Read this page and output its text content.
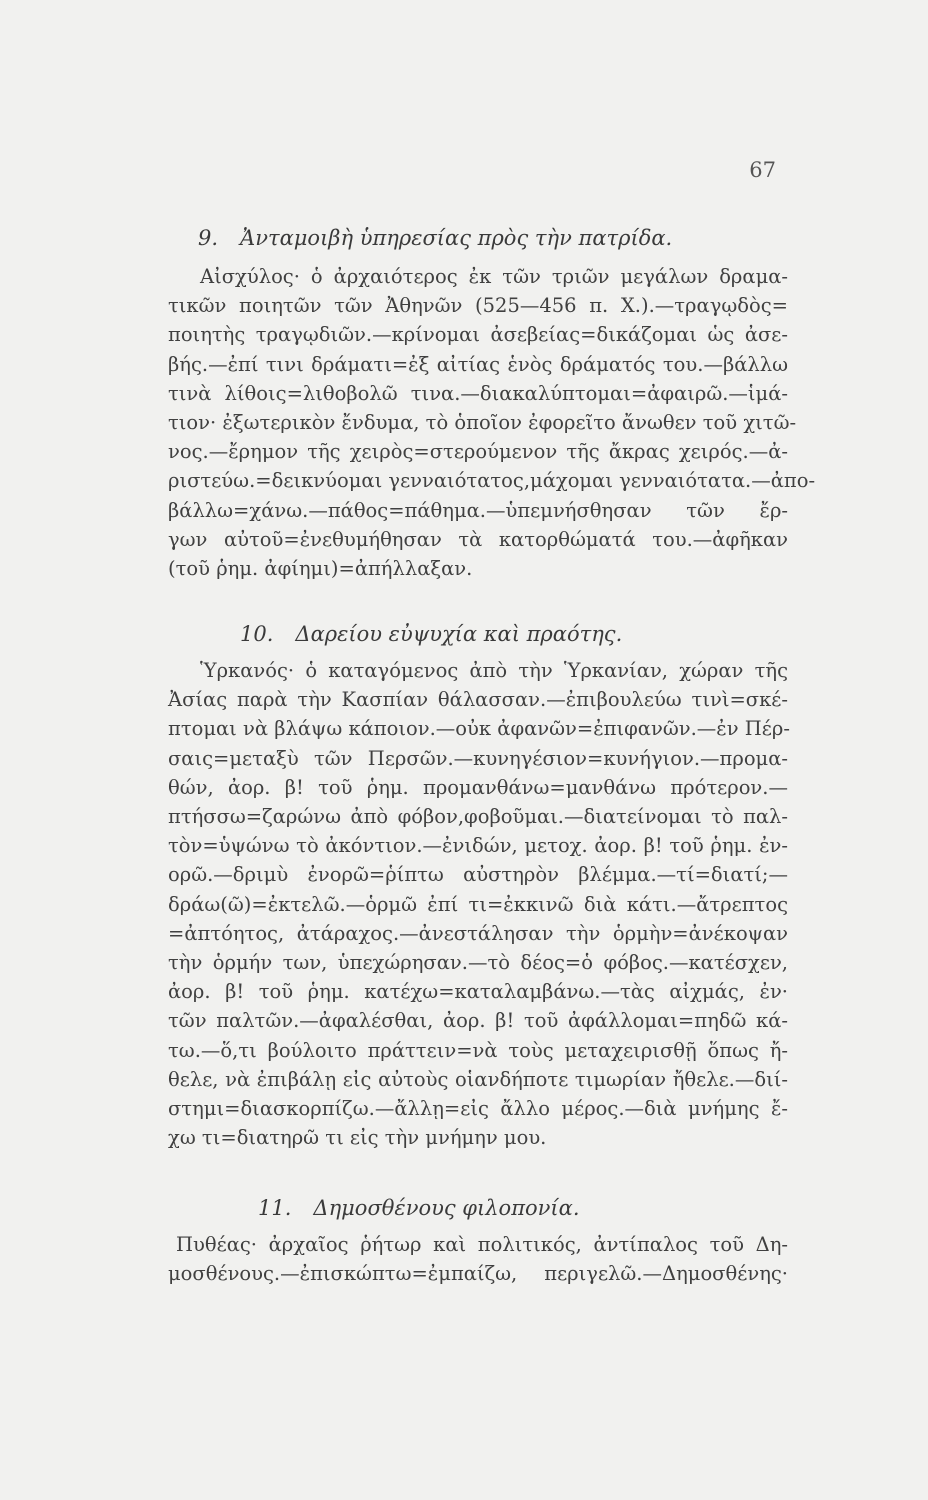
67
9. Ἀνταμοιβὴ ὑπηρεσίας πρὸς τὴν πατρίδα.
Αἰσχύλος· ὁ ἀρχαιότερος ἐκ τῶν τριῶν μεγάλων δραμα-
τικῶν ποιητῶν τῶν Ἀθηνῶν (525—456 π. Χ.).—τραγῳδὸς=
ποιητὴς τραγῳδιῶν.—κρίνομαι ἀσεβείας=δικάζομαι ὡς ἀσε-
βής.—ἐπί τινι δράματι=ἐξ αἰτίας ἑνὸς δράματός του.—βάλλω
τινὰ λίθοις=λιθοβολῶ τινα.—διακαλύπτομαι=ἀφαιρῶ.—ἱμά-
τιον· ἐξωτερικὸν ἔνδυμα, τὸ ὁποῖον ἐφορεῖτο ἄνωθεν τοῦ χιτῶ-
νος.—ἔρημον τῆς χειρὸς=στερούμενον τῆς ἄκρας χειρός.—ἀ-
ριστεύω.=δεικνύομαι γενναιότατος,μάχομαι γενναιότατα.—ἀπο-
βάλλω=χάνω.—πάθος=πάθημα.—ὑπεμνήσθησαν τῶν ἔρ-
γων αὐτοῦ=ἐνεθυμήθησαν τὰ κατορθώματά του.—ἀφῆκαν
(τοῦ ῥημ. ἀφίημι)=ἀπήλλαξαν.
10. Δαρείου εὐψυχία καὶ πραότης.
Ὑρκανός· ὁ καταγόμενος ἀπὸ τὴν Ὑρκανίαν, χώραν τῆς
Ἀσίας παρὰ τὴν Κασπίαν θάλασσαν.—ἐπιβουλεύω τινὶ=σκέ-
πτομαι νὰ βλάψω κάποιον.—οὐκ ἀφανῶν=ἐπιφανῶν.—ἐν Πέρ-
σαις=μεταξὺ τῶν Περσῶν.—κυνηγέσιον=κυνήγιον.—προμα-
θών, ἀορ. β! τοῦ ῥημ. προμανθάνω=μανθάνω πρότερον.—
πτήσσω=ζαρώνω ἀπὸ φόβον,φοβοῦμαι.—διατείνομαι τὸ παλ-
τὸν=ὑψώνω τὸ ἀκόντιον.—ἐνιδών, μετοχ. ἀορ. β! τοῦ ῥημ. ἐν-
ορῶ.—δριμὺ ἐνορῶ=ῥίπτω αὐστηρὸν βλέμμα.—τί=διατί;—
δράω(ῶ)=ἐκτελῶ.—ὁρμῶ ἐπί τι=ἐκκινῶ διὰ κάτι.—ἄτρεπτος
=ἀπτόητος, ἀτάραχος.—ἀνεστάλησαν τὴν ὁρμὴν=ἀνέκοψαν
τὴν ὁρμήν των, ὑπεχώρησαν.—τὸ δέος=ὁ φόβος.—κατέσχεν,
ἀορ. β! τοῦ ῥημ. κατέχω=καταλαμβάνω.—τὰς αἰχμάς, ἐν·
τῶν παλτῶν.—ἀφαλέσθαι, ἀορ. β! τοῦ ἀφάλλομαι=πηδῶ κά-
τω.—ὅ,τι βούλοιτο πράττειν=νὰ τοὺς μεταχειρισθῇ ὅπως ἤ-
θελε, νὰ ἐπιβάλῃ εἰς αὐτοὺς οἱανδήποτε τιμωρίαν ἤθελε.—διί-
στημι=διασκορπίζω.—ἄλλῃ=εἰς ἄλλο μέρος.—διὰ μνήμης ἔ-
χω τι=διατηρῶ τι εἰς τὴν μνήμην μου.
11. Δημοσθένους φιλοπονία.
Πυθέας· ἀρχαῖος ῥήτωρ καὶ πολιτικός, ἀντίπαλος τοῦ Δη-
μοσθένους.—ἐπισκώπτω=ἐμπαίζω, περιγελῶ.—Δημοσθένης·
